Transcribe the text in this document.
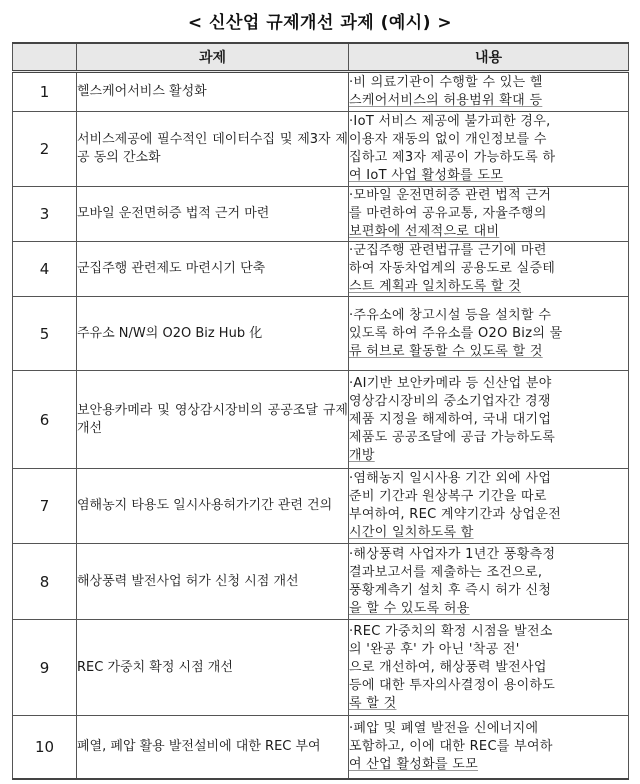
< 신산업 규제개선 과제 (예시) >
	과제	내용
1	헬스케어서비스 활성화	·비 의료기관이 수행할 수 있는 헬
스케어서비스의 허용범위 확대 등

2	서비스제공에 필수적인 데이터수집 및 제3자 제공 동의 간소화	·IoT 서비스 제공에 불가피한 경우,
이용자 재동의 없이 개인정보를 수
집하고 제3자 제공이 가능하도록 하
여 IoT 사업 활성화를 도모

3	모바일 운전면허증 법적 근거 마련	·모바일 운전면허증 관련 법적 근거
를 마련하여 공유교통, 자율주행의
보편화에 선제적으로 대비

4	군집주행 관련제도 마련시기 단축	·군집주행 관련법규를 근기에 마련
하여 자동차업계의 공용도로 실증테
스트 계획과 일치하도록 할 것

5	주유소 N/W의 O2O Biz Hub 化	·주유소에 창고시설 등을 설치할 수
있도록 하여 주유소를 O2O Biz의 물
류 허브로 활동할 수 있도록 할 것

6	보안용카메라 및 영상감시장비의 공공조달 규제 개선	·AI기반 보안카메라 등 신산업 분야
영상감시장비의 중소기업자간 경쟁
제품 지정을 해제하여, 국내 대기업
제품도 공공조달에 공급 가능하도록
개방

7	염해농지 타용도 일시사용허가기간 관련 건의	·염해농지 일시사용 기간 외에 사업
준비 기간과 원상복구 기간을 따로
부여하여, REC 계약기간과 상업운전
시간이 일치하도록 함

8	해상풍력 발전사업 허가 신청 시점 개선	·해상풍력 사업자가 1년간 풍황측정
결과보고서를 제출하는 조건으로,
풍황계측기 설치 후 즉시 허가 신청
을 할 수 있도록 허용

9	REC 가중치 확정 시점 개선	·REC 가중치의 확정 시점을 발전소
의 '완공 후' 가 아닌 '착공 전'
으로 개선하여, 해상풍력 발전사업
등에 대한 투자의사결정이 용이하도
록 할 것

10	폐열, 폐압 활용 발전설비에 대한 REC 부여	·폐압 및 폐열 발전을 신에너지에
포함하고, 이에 대한 REC를 부여하
여 산업 활성화를 도모
